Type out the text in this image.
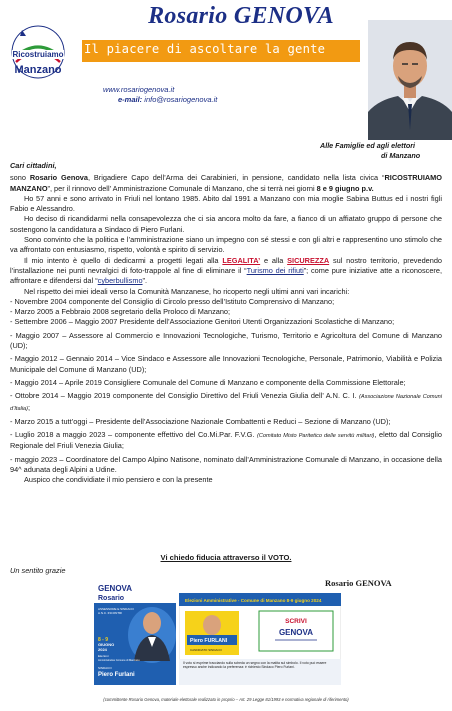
Rosario GENOVA
Il piacere di ascoltare la gente
Ricostruiamo
Manzano
www.rosariogenova.it
e-mail: info@rosariogenova.it
Alle Famiglie ed agli elettori
di Manzano

Cari cittadini,

sono Rosario Genova, Brigadiere Capo dell’Arma dei Carabinieri, in pensione, candidato nella lista civica “RICOSTRUIAMO MANZANO”, per il rinnovo dell’ Amministrazione Comunale di Manzano, che si terrà nei giorni 8 e 9 giugno p.v.

Ho 57 anni e sono arrivato in Friuli nel lontano 1985. Abito dal 1991 a Manzano con mia moglie Sabina Buttus ed i nostri figli Fabio e Alessandro.

Ho deciso di ricandidarmi nella consapevolezza che ci sia ancora molto da fare, a fianco di un affiatato gruppo di persone che sostengono la candidatura a Sindaco di Piero Furlani.

Sono convinto che la politica e l’amministrazione siano un impegno con sé stessi e con gli altri e rappresentino uno stimolo che va affrontato con entusiasmo, rispetto, volontà e spirito di servizio.

Il mio intento è quello di dedicarmi a progetti legati alla LEGALITA’ e alla SICUREZZA sul nostro territorio, prevedendo l’installazione nei punti nevralgici di foto-trappole al fine di eliminare il “Turismo dei rifiuti”; come pure iniziative atte a riconoscere, affrontare e difendersi dal “cyberbullismo”.

Nel rispetto dei miei ideali verso la Comunità Manzanese, ho ricoperto negli ultimi anni vari incarichi:

- Novembre 2004 componente del Consiglio di Circolo presso dell’Istituto Comprensivo di Manzano;

- Marzo 2005 a Febbraio 2008 segretario della Proloco di Manzano;

- Settembre 2006 – Maggio 2007 Presidente dell’Associazione Genitori Utenti Organizzazioni Scolastiche di Manzano;

- Maggio 2007 – Assessore al Commercio e Innovazioni Tecnologiche, Turismo, Territorio e Agricoltura del Comune di Manzano (UD);

- Maggio 2012 – Gennaio 2014 – Vice Sindaco e Assessore alle Innovazioni Tecnologiche, Personale, Patrimonio, Viabilità e Polizia Municipale del Comune di Manzano (UD);

- Maggio 2014 – Aprile 2019 Consigliere Comunale del Comune di Manzano e componente della Commissione Elettorale;

- Ottobre 2014 – Maggio 2019 componente del Consiglio Direttivo del Friuli Venezia Giulia dell’ A.N. C. I. (Associazione Nazionale Comuni d’Italia);

- Marzo 2015 a tutt’oggi – Presidente dell’Associazione Nazionale Combattenti e Reduci – Sezione di Manzano (UD);

- Luglio 2018 a maggio 2023 – componente effettivo del Co.Mi.Par. F.V.G. (Comitato Misto Paritetico delle servitù militari), eletto dal Consiglio Regionale del Friuli Venezia Giulia;

- maggio 2023 – Coordinatore del Campo Alpino Natisone, nominato dall’Amministrazione Comunale di Manzano, in occasione della 94^ adunata degli Alpini a Udine.

Auspico che condividiate il mio pensiero e con la presente

Vi chiedo fiducia attraverso il VOTO.
Un sentito grazie
Rosario GENOVA
GENOVA
Rosario
ASSESSORE E SINDACO
A.N.C. INCONTRI
8 - 9
GIUGNO
2024
Elezioni
Amministrative Comune di Manzano
SINDACO
Piero Furlani
Elezioni Amministrative - Comune di Manzano 8-9 giugno 2024
Piero FURLANI
CANDIDATO SINDACO
SCRIVI
GENOVA
Il voto si esprime tracciando sulla scheda un segno con la matita sul simbolo. Il voto può essere espresso anche indicando la preferenza: è richiesto Sindaco Piero Furlani.
(committente Rosario Genova, materiale elettorale realizzato in proprio – Art. 29 Legge 81/1993 e normativa regionale di riferimento)
